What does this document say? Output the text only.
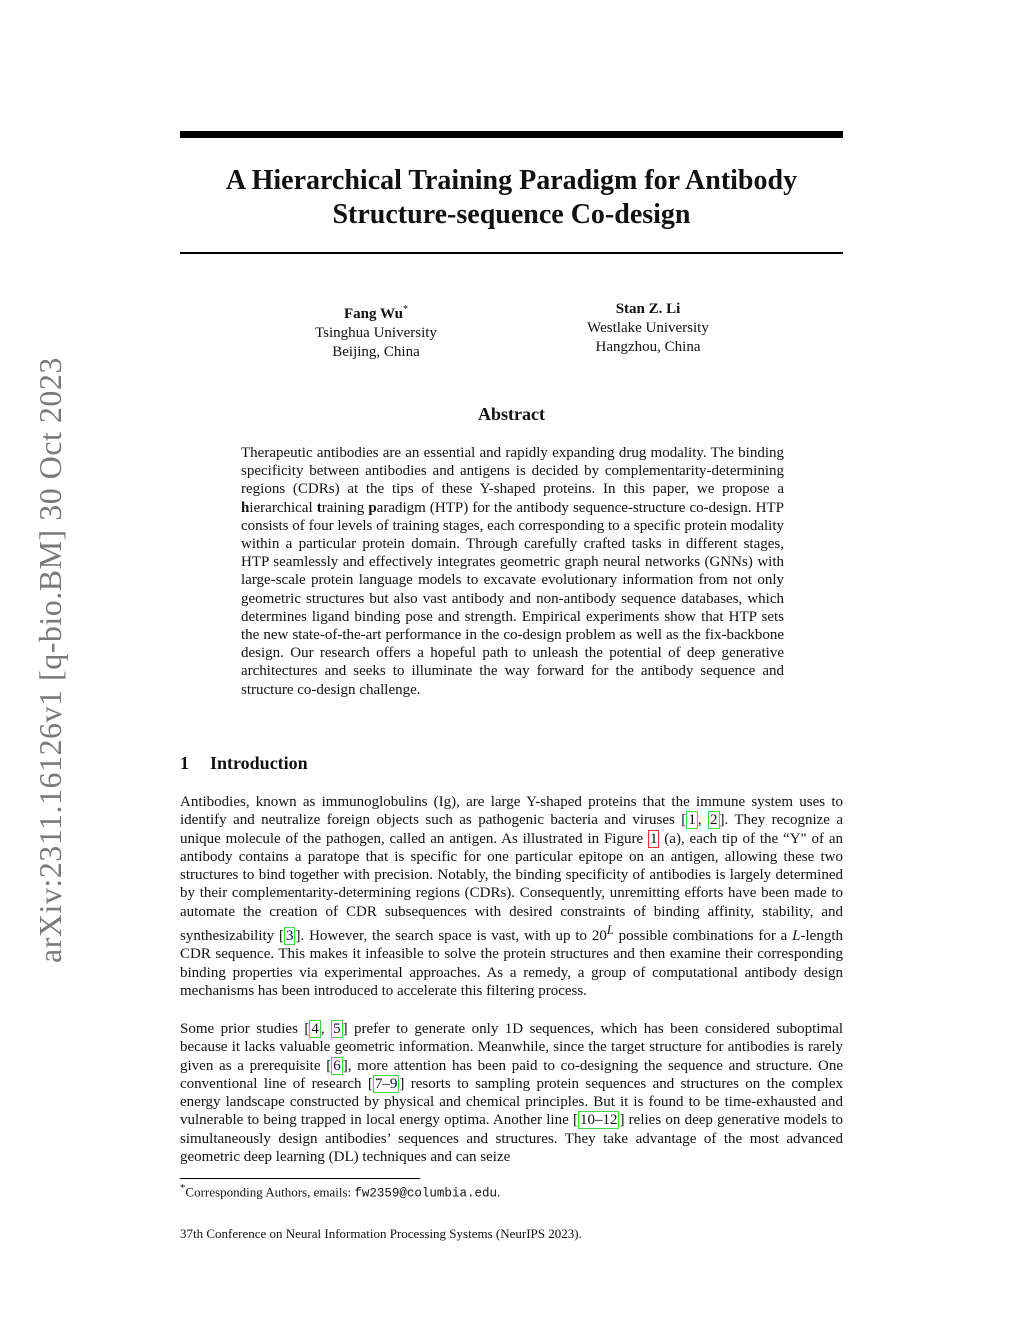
arXiv:2311.16126v1 [q-bio.BM] 30 Oct 2023
A Hierarchical Training Paradigm for Antibody Structure-sequence Co-design
Fang Wu*
Tsinghua University
Beijing, China
Stan Z. Li
Westlake University
Hangzhou, China
Abstract
Therapeutic antibodies are an essential and rapidly expanding drug modality. The binding specificity between antibodies and antigens is decided by complementarity-determining regions (CDRs) at the tips of these Y-shaped proteins. In this paper, we propose a hierarchical training paradigm (HTP) for the antibody sequence-structure co-design. HTP consists of four levels of training stages, each corresponding to a specific protein modality within a particular protein domain. Through carefully crafted tasks in different stages, HTP seamlessly and effectively integrates geometric graph neural networks (GNNs) with large-scale protein language models to excavate evolutionary information from not only geometric structures but also vast antibody and non-antibody sequence databases, which determines ligand binding pose and strength. Empirical experiments show that HTP sets the new state-of-the-art performance in the co-design problem as well as the fix-backbone design. Our research offers a hopeful path to unleash the potential of deep generative architectures and seeks to illuminate the way forward for the antibody sequence and structure co-design challenge.
1 Introduction

Antibodies, known as immunoglobulins (Ig), are large Y-shaped proteins that the immune system uses to identify and neutralize foreign objects such as pathogenic bacteria and viruses [ 1 , 2 ]. They recognize a unique molecule of the pathogen, called an antigen. As illustrated in Figure 1 (a), each tip of the “Y" of an antibody contains a paratope that is specific for one particular epitope on an antigen, allowing these two structures to bind together with precision. Notably, the binding specificity of antibodies is largely determined by their complementarity-determining regions (CDRs). Consequently, unremitting efforts have been made to automate the creation of CDR subsequences with desired constraints of binding affinity, stability, and synthesizability [ 3 ]. However, the search space is vast, with up to $20^L$ possible combinations for a L-length CDR sequence. This makes it infeasible to solve the protein structures and then examine their corresponding binding properties via experimental approaches. As a remedy, a group of computational antibody design mechanisms has been introduced to accelerate this filtering process.

Some prior studies [ 4 , 5 ] prefer to generate only 1D sequences, which has been considered suboptimal because it lacks valuable geometric information. Meanwhile, since the target structure for antibodies is rarely given as a prerequisite [ 6 ], more attention has been paid to co-designing the sequence and structure. One conventional line of research [ 7–9 ] resorts to sampling protein sequences and structures on the complex energy landscape constructed by physical and chemical principles. But it is found to be time-exhausted and vulnerable to being trapped in local energy optima. Another line [ 10–12 ] relies on deep generative models to simultaneously design antibodies’ sequences and structures. They take advantage of the most advanced geometric deep learning (DL) techniques and can seize

*Corresponding Authors, emails: fw2359@columbia.edu.
37th Conference on Neural Information Processing Systems (NeurIPS 2023).
